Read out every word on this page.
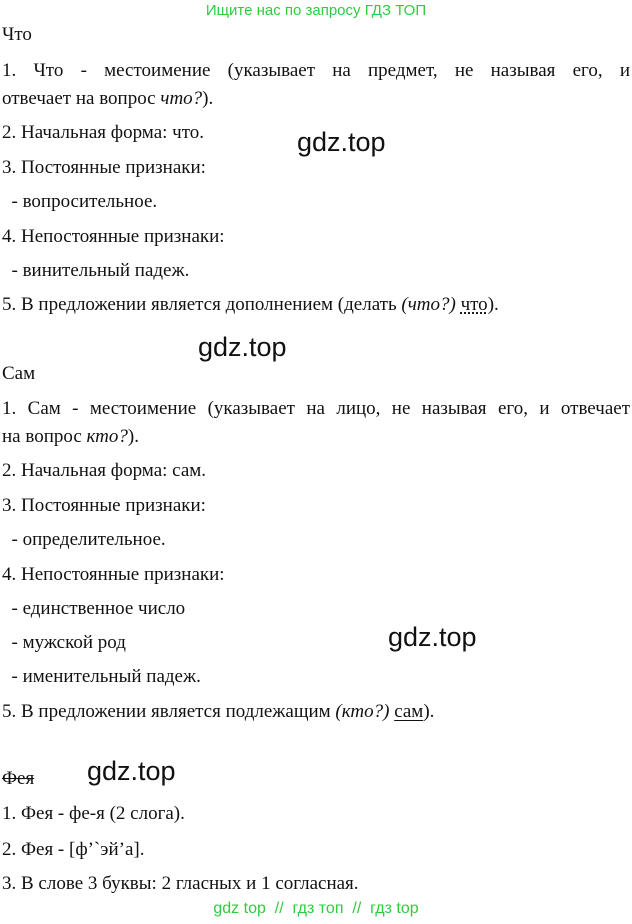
Ищите нас по запросу ГДЗ ТОП
gdz.top
gdz.top
gdz.top
gdz.top
Что
1. Что - местоимение (указывает на предмет, не называя его, и
отвечает на вопрос что?).
2. Начальная форма: что.
3. Постоянные признаки:
- вопросительное.
4. Непостоянные признаки:
- винительный падеж.
5. В предложении является дополнением (делать (что?) что).
Сам
1. Сам - местоимение (указывает на лицо, не называя его, и отвечает
на вопрос кто?).
2. Начальная форма: сам.
3. Постоянные признаки:
- определительное.
4. Непостоянные признаки:
- единственное число
- мужской род
- именительный падеж.
5. В предложении является подлежащим (кто?) сам).
Фея
1. Фея - фе-я (2 слога).
2. Фея - [ф’`эй’а].
3. В слове 3 буквы: 2 гласных и 1 согласная.
gdz top  //  гдз топ  //  гдз top
